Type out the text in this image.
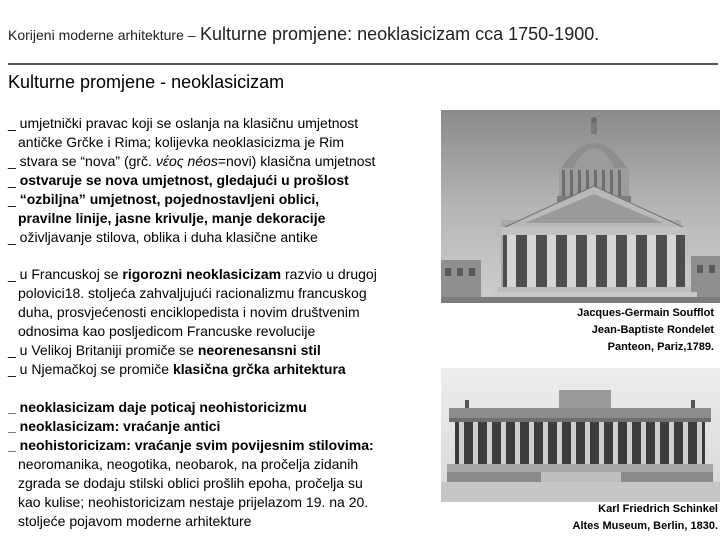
Korijeni moderne arhitekture – Kulturne promjene: neoklasicizam cca 1750-1900.
Kulturne promjene - neoklasicizam
_ umjetnički pravac koji se oslanja na klasičnu umjetnost
antičke Grčke i Rima; kolijevka neoklasicizma je Rim
_ stvara se “nova” (grč. νέος néos=novi) klasična umjetnost
_ ostvaruje se nova umjetnost, gledajući u prošlost
_ “ozbiljna” umjetnost, pojednostavljeni oblici,
pravilne linije, jasne krivulje, manje dekoracije
_ oživljavanje stilova, oblika i duha klasične antike
_ u Francuskoj se rigorozni neoklasicizam razvio u drugoj
polovici18. stoljeća zahvaljujući racionalizmu francuskog
duha, prosvjećenosti enciklopedista i novim društvenim
odnosima kao posljedicom Francuske revolucije
_ u Velikoj Britaniji promiče se neorenesansni stil
_ u Njemačkoj se promiče klasična grčka arhitektura
_ neoklasicizam daje poticaj neohistoricizmu
_ neoklasicizam: vraćanje antici
_ neohistoricizam: vraćanje svim povijesnim stilovima:
neoromanika, neogotika, neobarok, na pročelja zidanih
zgrada se dodaju stilski oblici prošlih epoha, pročelja su
kao kulise; neohistoricizam nestaje prijelazom 19. na 20.
stoljeće pojavom moderne arhitekture
Jacques-Germain Soufflot
Jean-Baptiste Rondelet
Panteon, Pariz,1789.
Karl Friedrich Schinkel
Altes Museum, Berlin, 1830.
